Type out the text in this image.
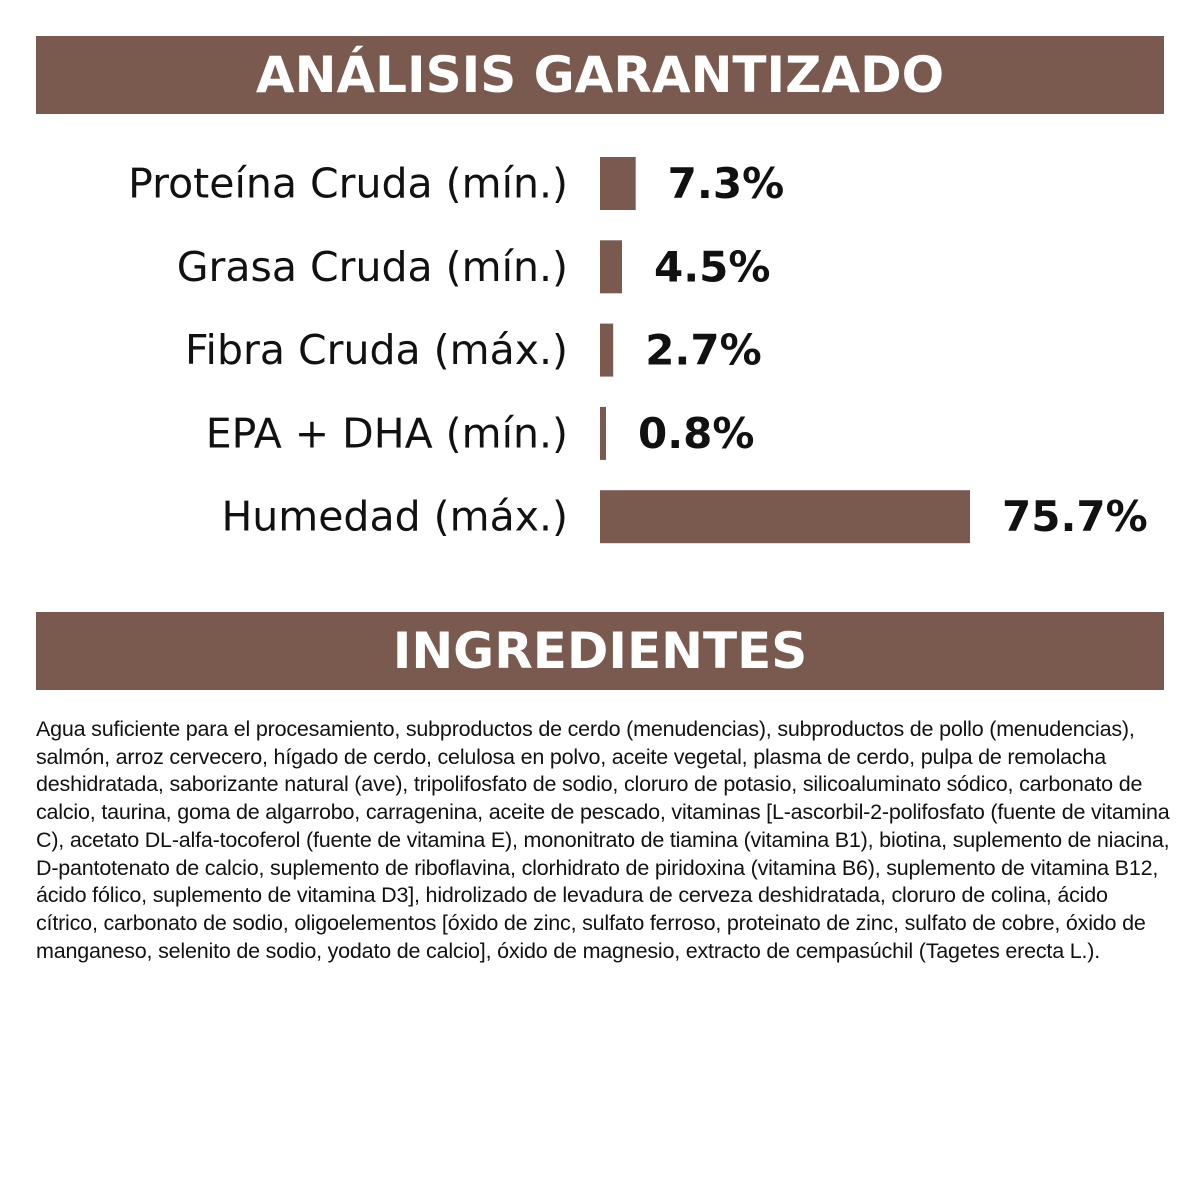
ANÁLISIS GARANTIZADO
Proteína Cruda (mín.) 7.3%
Grasa Cruda (mín.) 4.5%
Fibra Cruda (máx.) 2.7%
EPA + DHA (mín.) 0.8%
Humedad (máx.)	75.7%
INGREDIENTES

Agua suficiente para el procesamiento, subproductos de cerdo (menudencias), subproductos de pollo (menudencias), salmón, arroz cervecero, hígado de cerdo, celulosa en polvo, aceite vegetal, plasma de cerdo, pulpa de remolacha deshidratada, saborizante natural (ave), tripolifosfato de sodio, cloruro de potasio, silicoaluminato sódico, carbonato de calcio, taurina, goma de algarrobo, carragenina, aceite de pescado, vitaminas [L-ascorbil-2-polifosfato (fuente de vitamina C), acetato DL-alfa-tocoferol (fuente de vitamina E), mononitrato de tiamina (vitamina B1), biotina, suplemento de niacina, D-pantotenato de calcio, suplemento de riboflavina, clorhidrato de piridoxina (vitamina B6), suplemento de vitamina B12, ácido fólico, suplemento de vitamina D3], hidrolizado de levadura de cerveza deshidratada, cloruro de colina, ácido cítrico, carbonato de sodio, oligoelementos [óxido de zinc, sulfato ferroso, proteinato de zinc, sulfato de cobre, óxido de manganeso, selenito de sodio, yodato de calcio], óxido de magnesio, extracto de cempasúchil (Tagetes erecta L.).
